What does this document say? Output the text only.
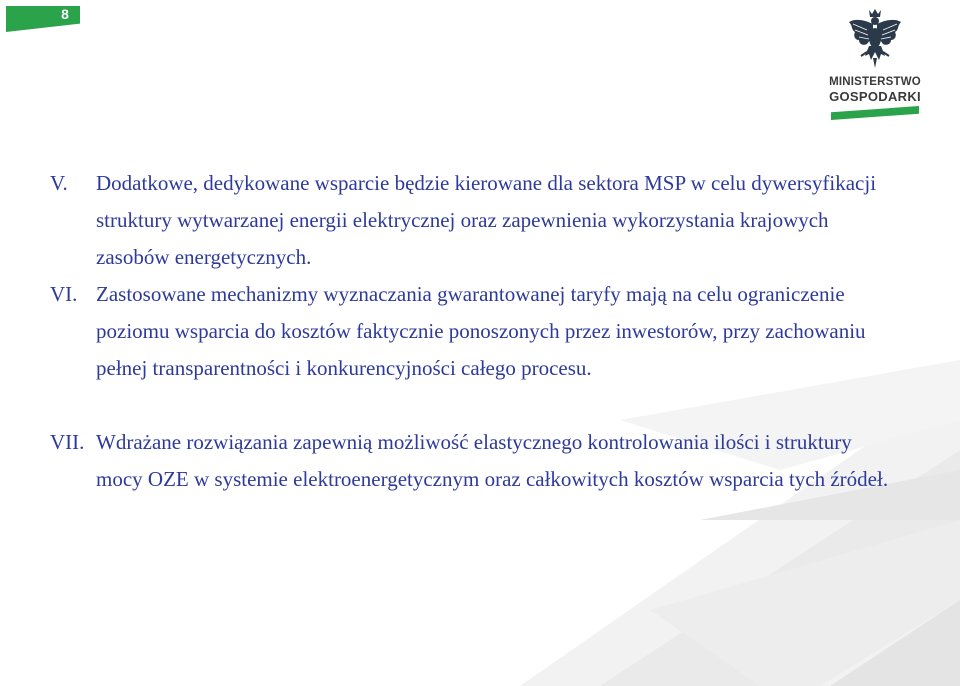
8
MINISTERSTWO
GOSPODARKI
V. Dodatkowe, dedykowane wsparcie będzie kierowane dla sektora MSP w celu dywersyfikacji struktury wytwarzanej energii elektrycznej oraz zapewnienia wykorzystania krajowych zasobów energetycznych.

VI. Zastosowane mechanizmy wyznaczania gwarantowanej taryfy mają na celu ograniczenie poziomu wsparcia do kosztów faktycznie ponoszonych przez inwestorów, przy zachowaniu pełnej transparentności i konkurencyjności całego procesu.

VII. Wdrażane rozwiązania zapewnią możliwość elastycznego kontrolowania ilości i struktury mocy OZE w systemie elektroenergetycznym oraz całkowitych kosztów wsparcia tych źródeł.
